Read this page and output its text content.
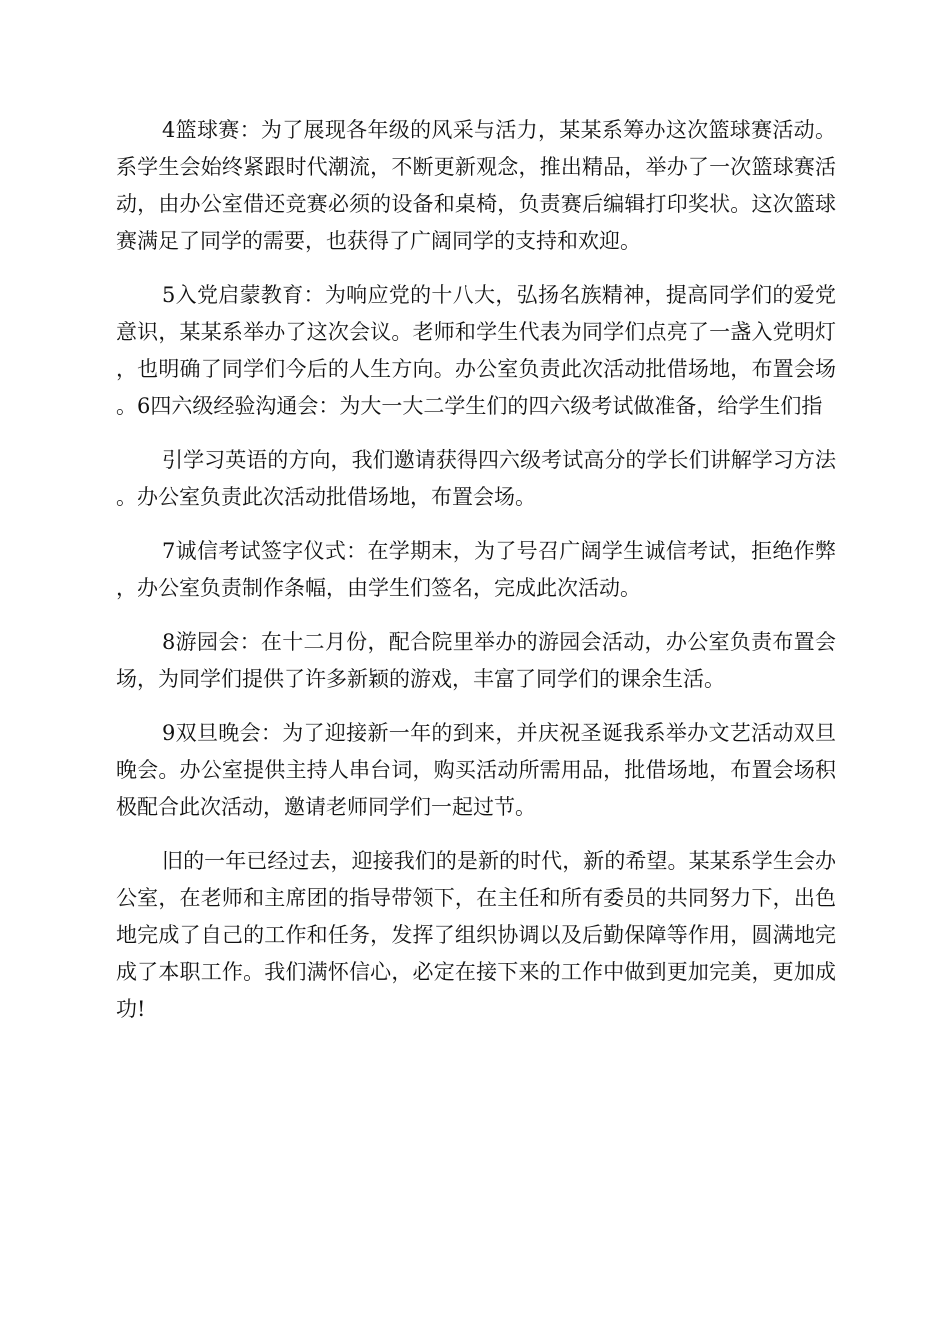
4篮球赛：为了展现各年级的风采与活力，某某系筹办这次篮球赛活动。系学生会始终紧跟时代潮流，不断更新观念，推出精品，举办了一次篮球赛活动，由办公室借还竞赛必须的设备和桌椅，负责赛后编辑打印奖状。这次篮球赛满足了同学的需要，也获得了广阔同学的支持和欢迎。

5入党启蒙教育：为响应党的十八大，弘扬名族精神，提高同学们的爱党意识，某某系举办了这次会议。老师和学生代表为同学们点亮了一盏入党明灯，也明确了同学们今后的人生方向。办公室负责此次活动批借场地，布置会场。6四六级经验沟通会：为大一大二学生们的四六级考试做准备，给学生们指

引学习英语的方向，我们邀请获得四六级考试高分的学长们讲解学习方法。办公室负责此次活动批借场地，布置会场。

7诚信考试签字仪式：在学期末，为了号召广阔学生诚信考试，拒绝作弊，办公室负责制作条幅，由学生们签名，完成此次活动。

8游园会：在十二月份，配合院里举办的游园会活动，办公室负责布置会场，为同学们提供了许多新颖的游戏，丰富了同学们的课余生活。

9双旦晚会：为了迎接新一年的到来，并庆祝圣诞我系举办文艺活动双旦晚会。办公室提供主持人串台词，购买活动所需用品，批借场地，布置会场积极配合此次活动，邀请老师同学们一起过节。

旧的一年已经过去，迎接我们的是新的时代，新的希望。某某系学生会办公室，在老师和主席团的指导带领下，在主任和所有委员的共同努力下，出色地完成了自己的工作和任务，发挥了组织协调以及后勤保障等作用，圆满地完成了本职工作。我们满怀信心，必定在接下来的工作中做到更加完美，更加成功!
